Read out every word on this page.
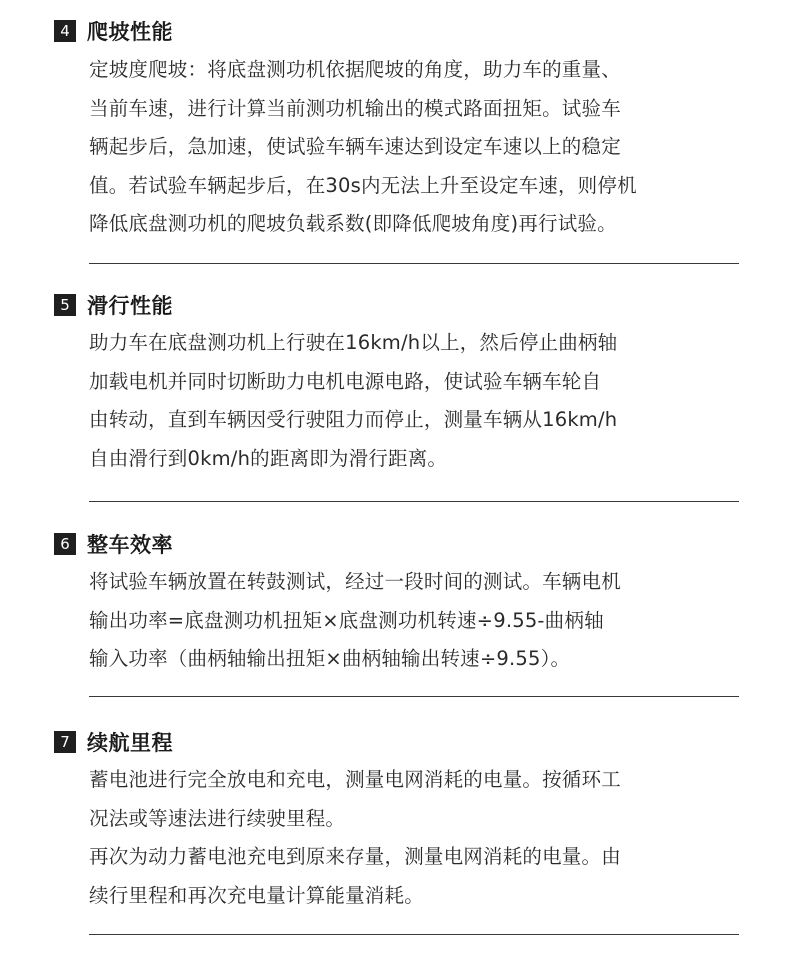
4 爬坡性能
定坡度爬坡：将底盘测功机依据爬坡的角度，助力车的重量、
当前车速，进行计算当前测功机输出的模式路面扭矩。试验车
辆起步后，急加速，使试验车辆车速达到设定车速以上的稳定
值。若试验车辆起步后，在30s内无法上升至设定车速，则停机
降低底盘测功机的爬坡负载系数(即降低爬坡角度)再行试验。
5 滑行性能
助力车在底盘测功机上行驶在16km/h以上，然后停止曲柄轴
加载电机并同时切断助力电机电源电路，使试验车辆车轮自
由转动，直到车辆因受行驶阻力而停止，测量车辆从16km/h
自由滑行到0km/h的距离即为滑行距离。
6 整车效率
将试验车辆放置在转鼓测试，经过一段时间的测试。车辆电机
输出功率=底盘测功机扭矩×底盘测功机转速÷9.55-曲柄轴
输入功率（曲柄轴输出扭矩×曲柄轴输出转速÷9.55）。
7 续航里程
蓄电池进行完全放电和充电，测量电网消耗的电量。按循环工
况法或等速法进行续驶里程。
再次为动力蓄电池充电到原来存量，测量电网消耗的电量。由
续行里程和再次充电量计算能量消耗。
